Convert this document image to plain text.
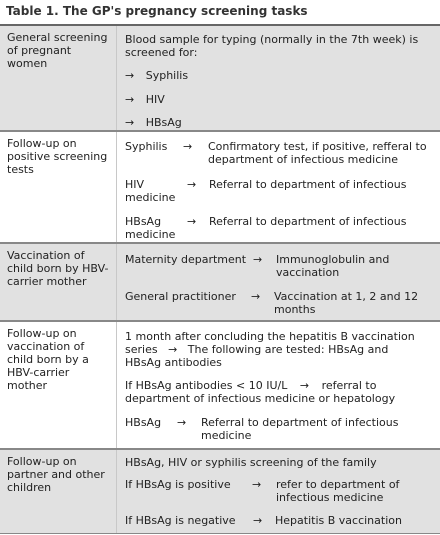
Table 1. The GP's pregnancy screening tasks
General screening of pregnant women
Blood sample for typing (normally in the 7th week) is screened for:
→ Syphilis
→ HIV
→ HBsAg
Follow-up on positive screening tests
Syphilis → Confirmatory test, if positive, refferal to department of infectious medicine
HIV
medicine
→ Referral to department of infectious
HBsAg
medicine
→ Referral to department of infectious
Vaccination of child born by HBV-carrier mother
Maternity department → Immunoglobulin and vaccination
General practitioner → Vaccination at 1, 2 and 12 months
Follow-up on vaccination of child born by a HBV-carrier mother
1 month after concluding the hepatitis B vaccination
series → The following are tested: HBsAg and
HBsAg antibodies
If HBsAg antibodies < 10 IU/L → referral to
department of infectious medicine or hepatology
HBsAg → Referral to department of infectious medicine
Follow-up on partner and other children
HBsAg, HIV or syphilis screening of the family
If HBsAg is positive → refer to department of infectious medicine
If HBsAg is negative → Hepatitis B vaccination
